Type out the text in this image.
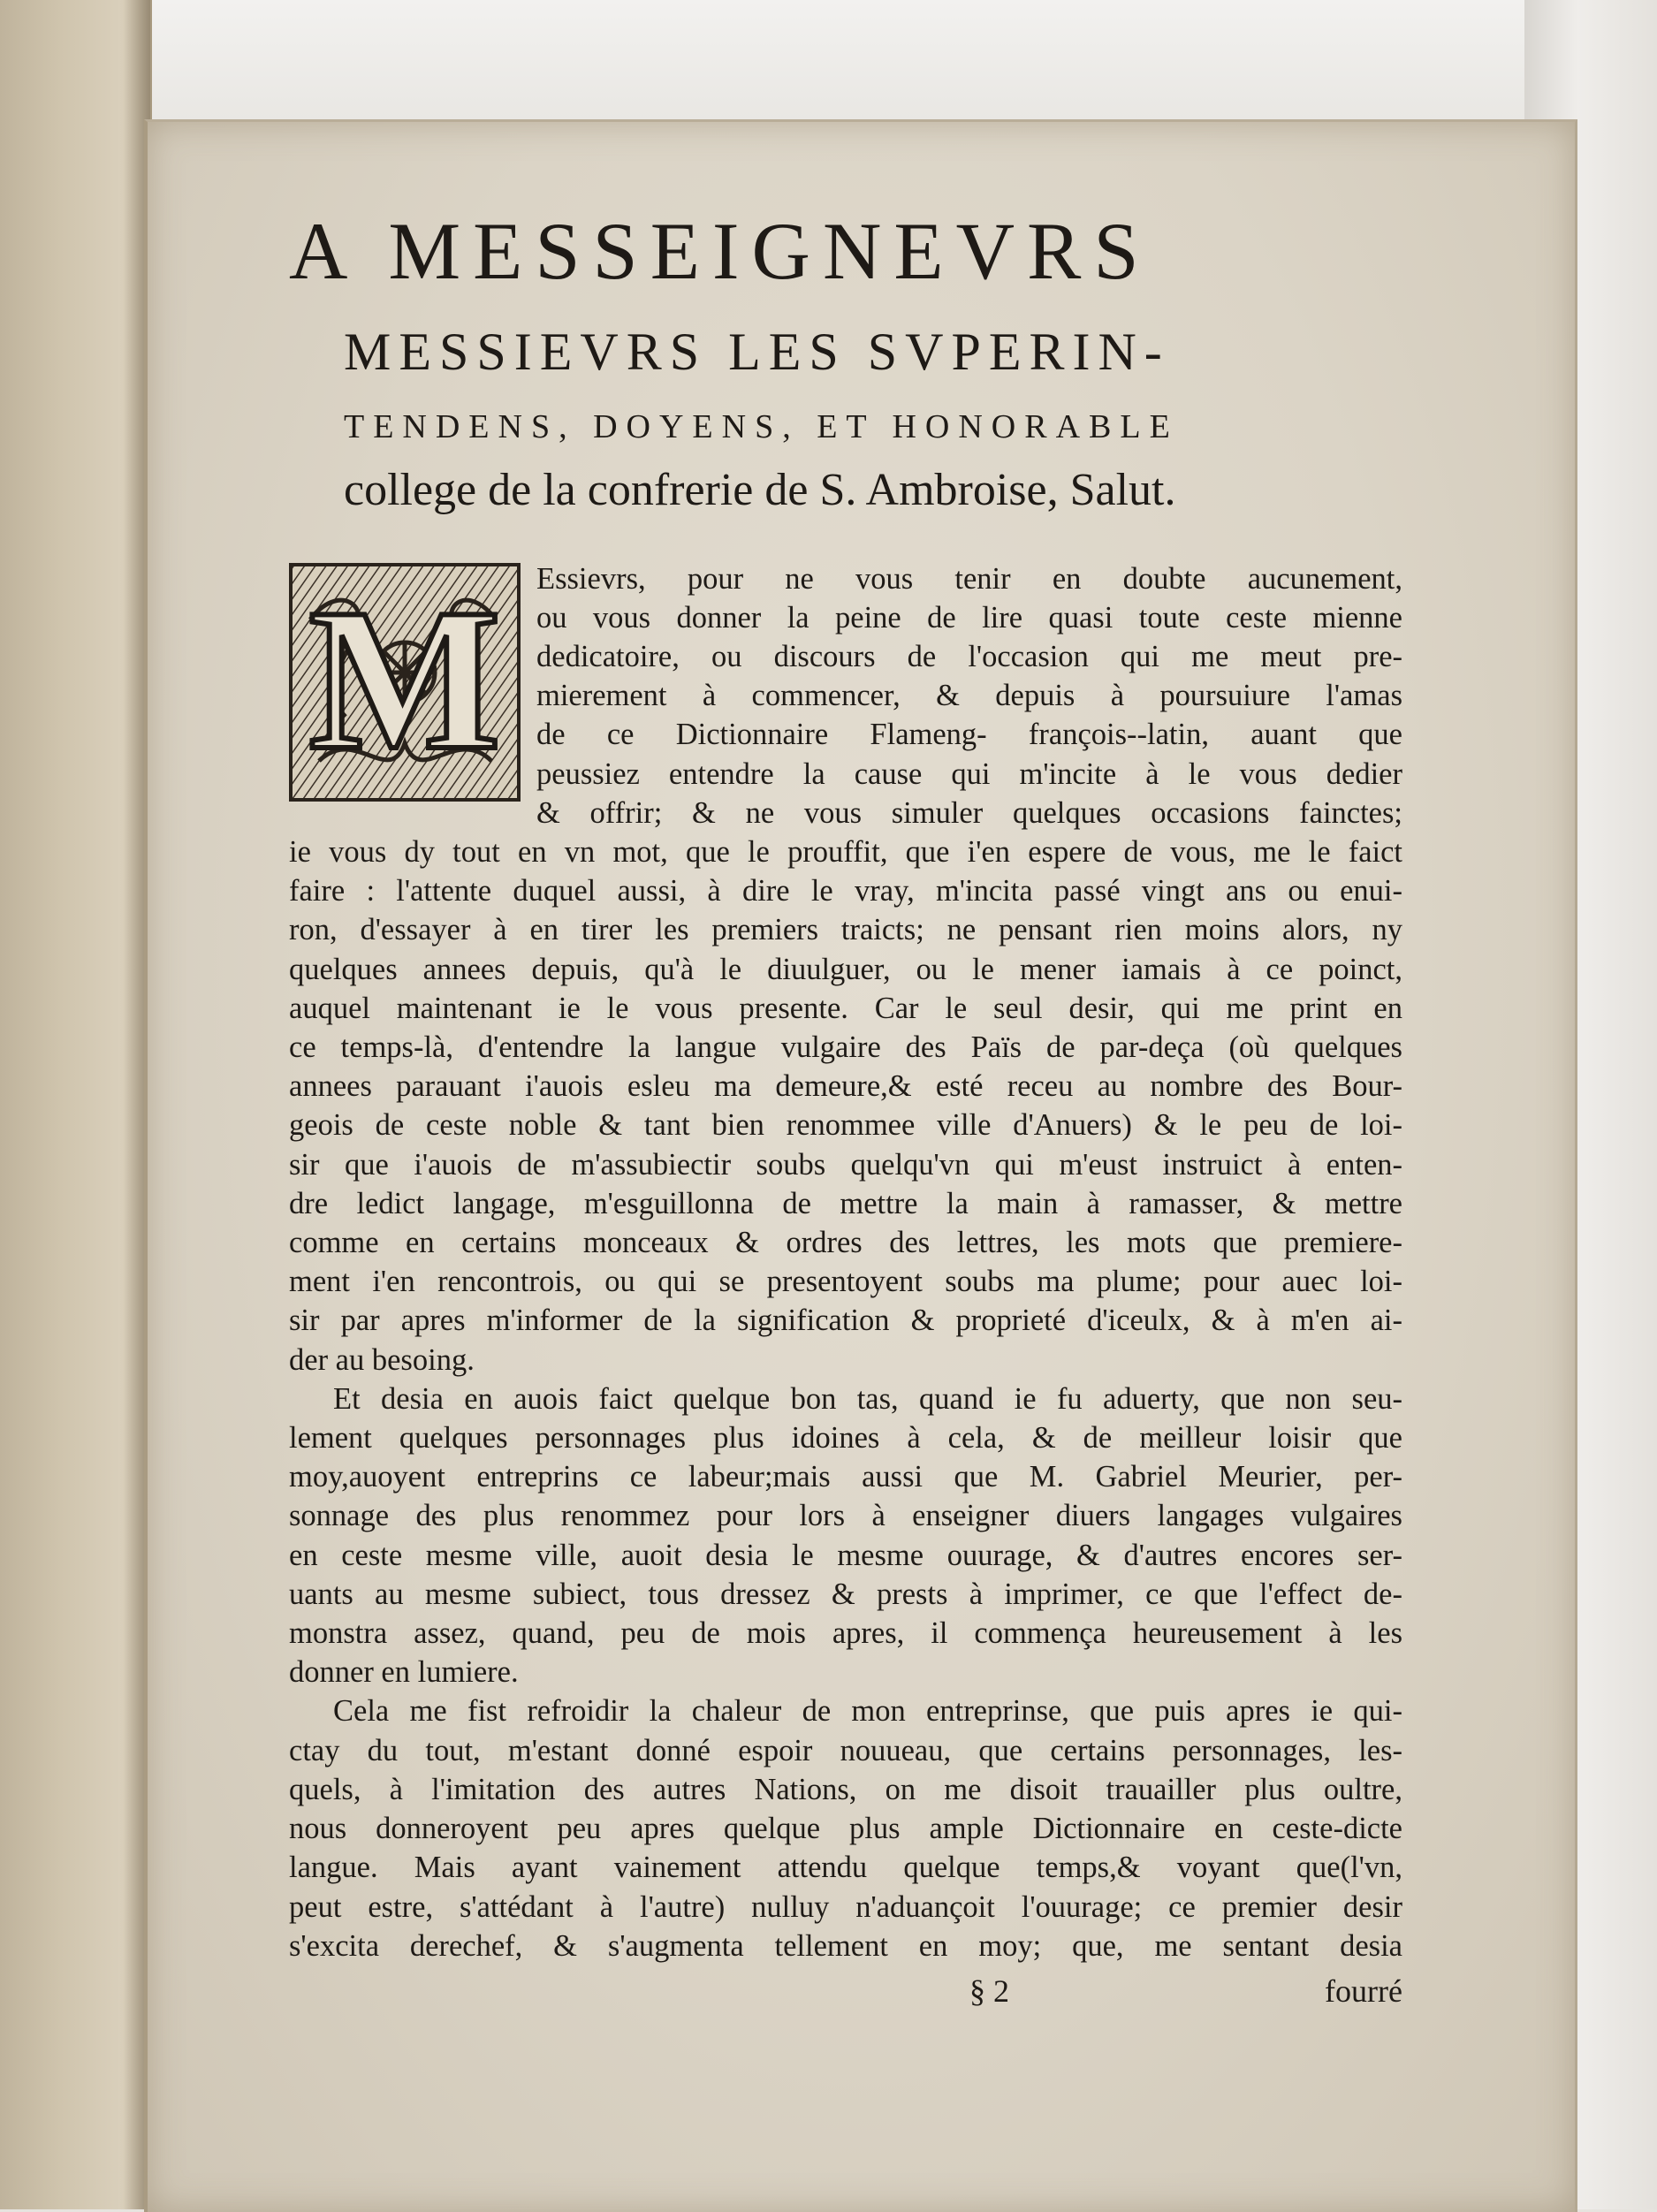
A MESSEIGNEVRS
MESSIEVRS LES SVPERIN-
TENDENS, DOYENS, ET HONORABLE
college de la confrerie de S. Ambroise, Salut.
M Essievrs, pour ne vous tenir en doubte aucunement,
ou vous donner la peine de lire quasi toute ceste mienne
dedicatoire, ou discours de l'occasion qui me meut pre-
mierement à commencer, & depuis à poursuiure l'amas
de ce Dictionnaire Flameng- françois--latin, auant que
peussiez entendre la cause qui m'incite à le vous dedier
& offrir; & ne vous simuler quelques occasions fainctes;
ie vous dy tout en vn mot, que le prouffit, que i'en espere de vous, me le faict
faire : l'attente duquel aussi, à dire le vray, m'incita passé vingt ans ou enui-
ron, d'essayer à en tirer les premiers traicts; ne pensant rien moins alors, ny
quelques annees depuis, qu'à le diuulguer, ou le mener iamais à ce poinct,
auquel maintenant ie le vous presente. Car le seul desir, qui me print en
ce temps-là, d'entendre la langue vulgaire des Païs de par-deça (où quelques
annees parauant i'auois esleu ma demeure,& esté receu au nombre des Bour-
geois de ceste noble & tant bien renommee ville d'Anuers) & le peu de loi-
sir que i'auois de m'assubiectir soubs quelqu'vn qui m'eust instruict à enten-
dre ledict langage, m'esguillonna de mettre la main à ramasser, & mettre
comme en certains monceaux & ordres des lettres, les mots que premiere-
ment i'en rencontrois, ou qui se presentoyent soubs ma plume; pour auec loi-
sir par apres m'informer de la signification & proprieté d'iceulx, & à m'en ai-
der au besoing.
Et desia en auois faict quelque bon tas, quand ie fu aduerty, que non seu-
lement quelques personnages plus idoines à cela, & de meilleur loisir que
moy,auoyent entreprins ce labeur;mais aussi que M. Gabriel Meurier, per-
sonnage des plus renommez pour lors à enseigner diuers langages vulgaires
en ceste mesme ville, auoit desia le mesme ouurage, & d'autres encores ser-
uants au mesme subiect, tous dressez & prests à imprimer, ce que l'effect de-
monstra assez, quand, peu de mois apres, il commença heureusement à les
donner en lumiere.
Cela me fist refroidir la chaleur de mon entreprinse, que puis apres ie qui-
ctay du tout, m'estant donné espoir nouueau, que certains personnages, les-
quels, à l'imitation des autres Nations, on me disoit trauailler plus oultre,
nous donneroyent peu apres quelque plus ample Dictionnaire en ceste-dicte
langue. Mais ayant vainement attendu quelque temps,& voyant que(l'vn,
peut estre, s'attédant à l'autre) nulluy n'aduançoit l'ouurage; ce premier desir
s'excita derechef, & s'augmenta tellement en moy; que, me sentant desia
§ 2	fourré
